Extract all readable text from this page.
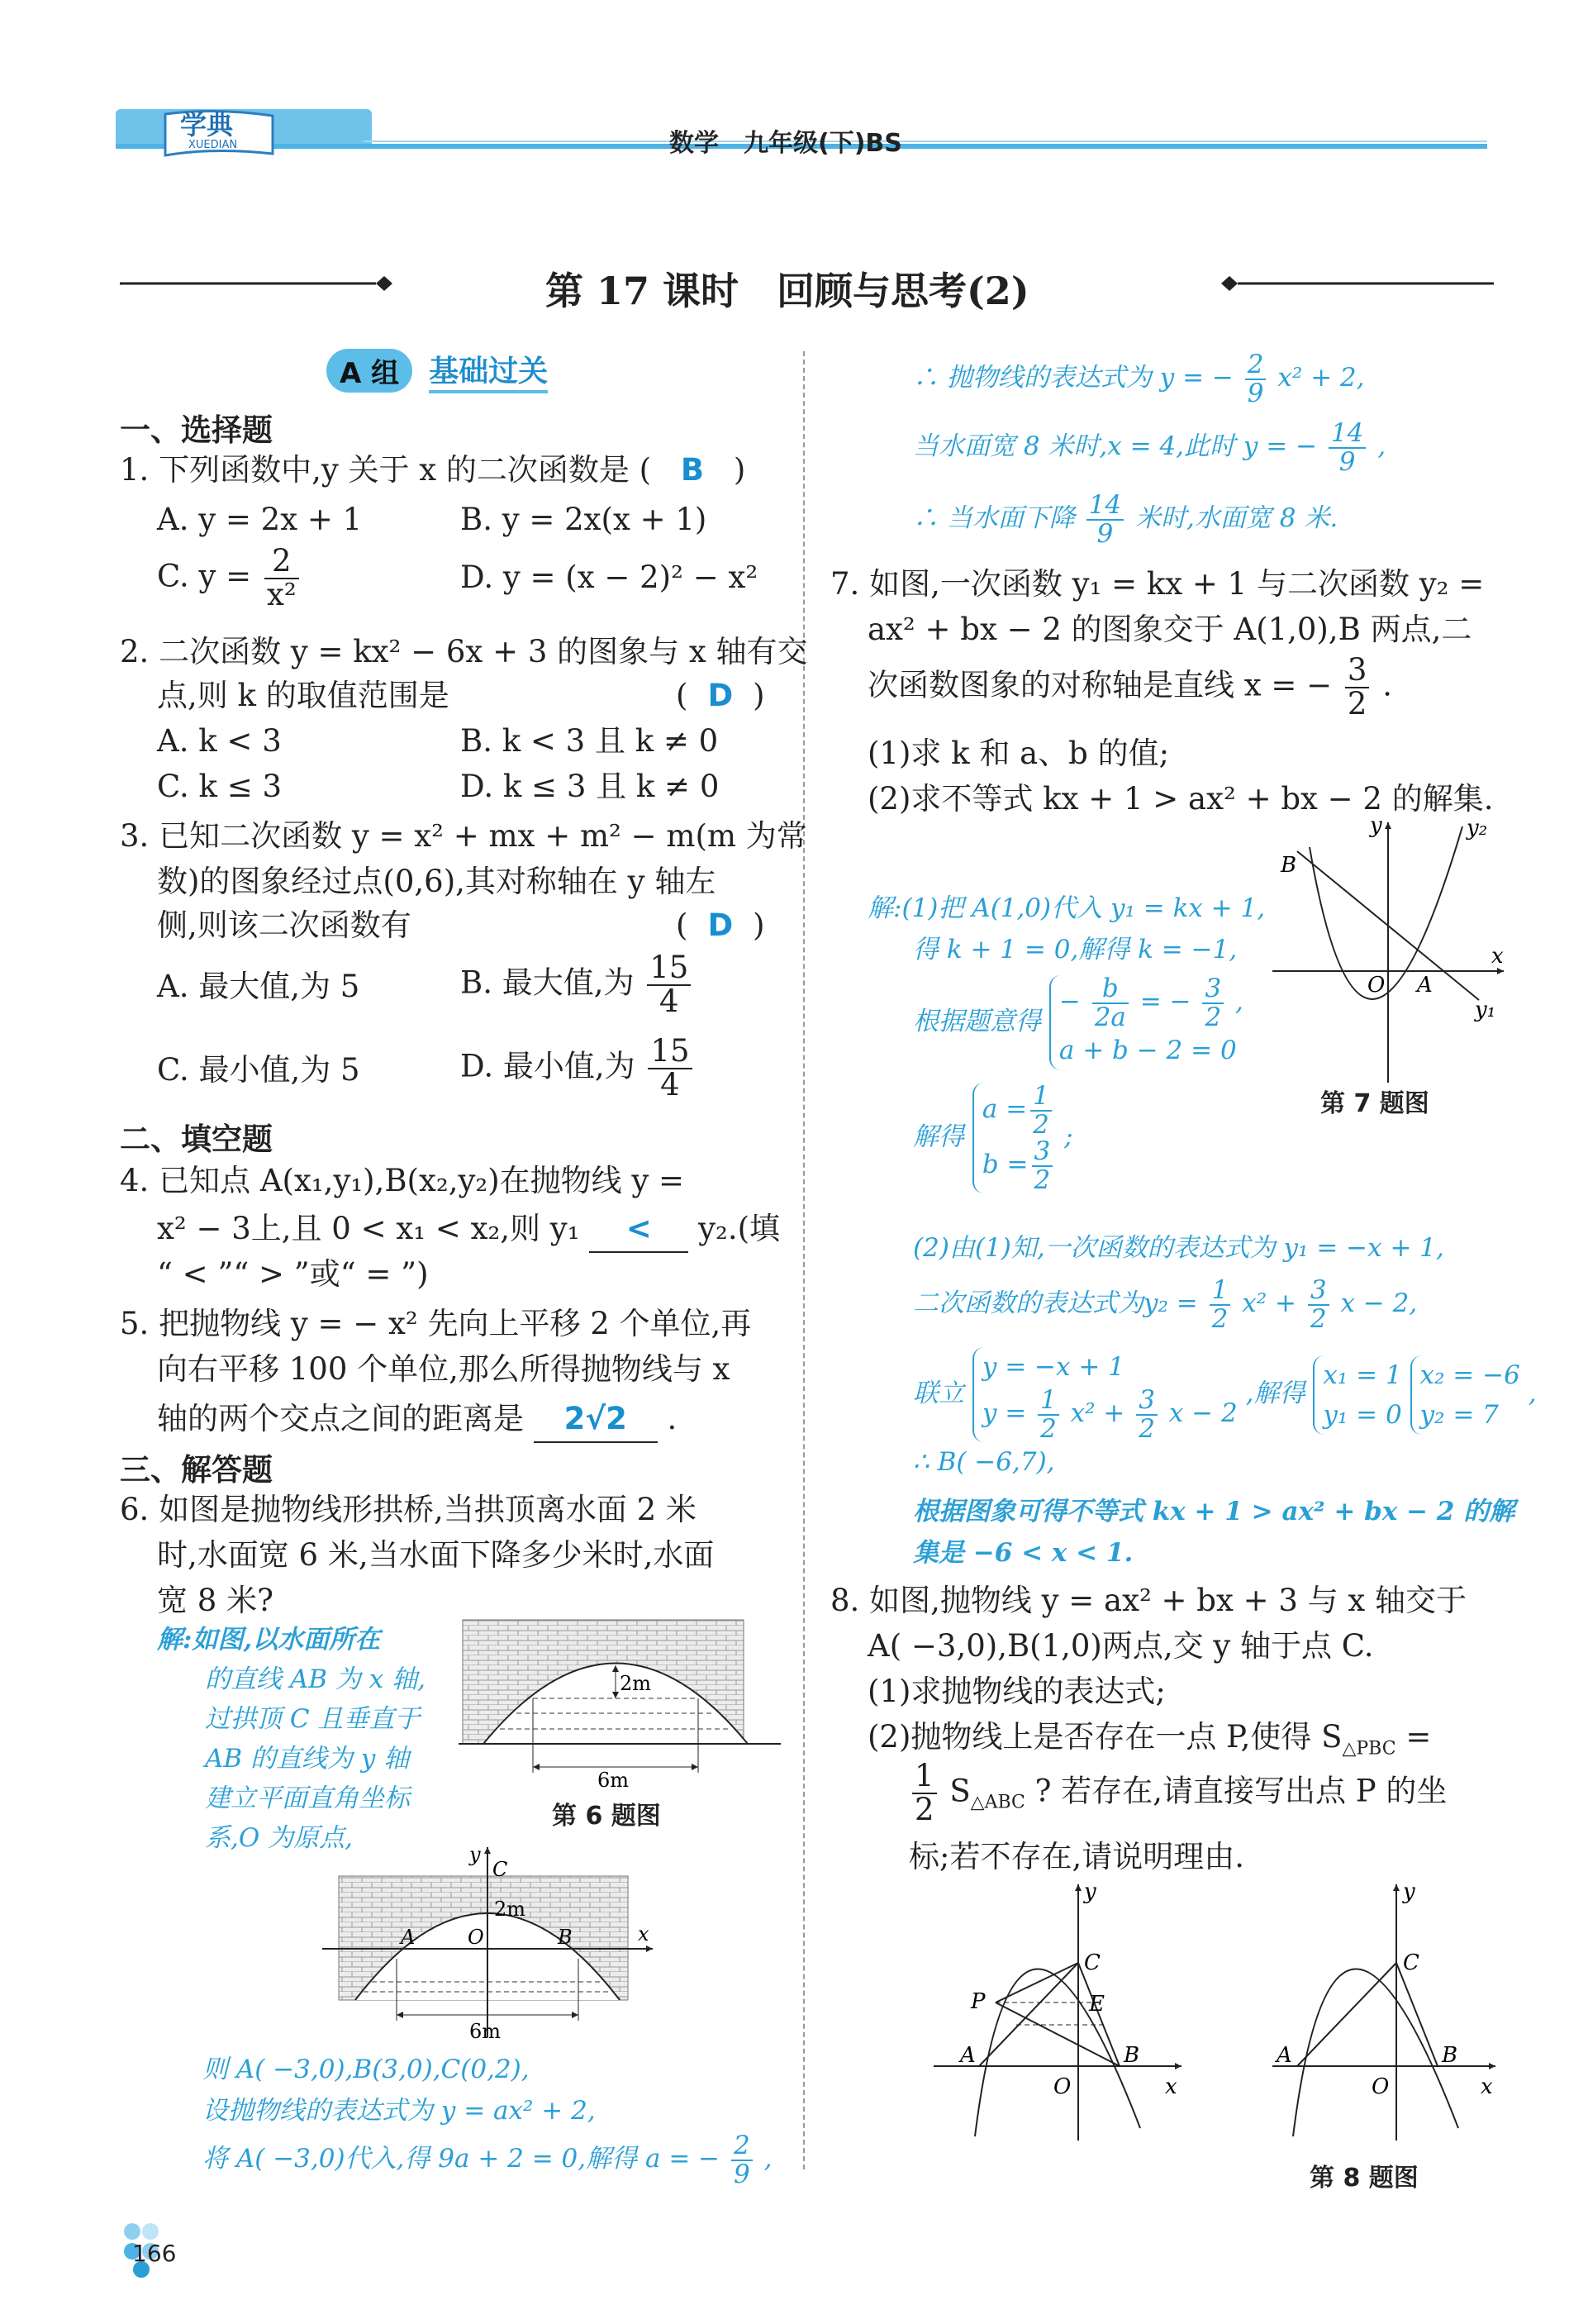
学典
XUEDIAN	数学　九年级(下)BS
第 17 课时　回顾与思考(2)
A 组	基础过关
一、选择题
1. 下列函数中,y 关于 x 的二次函数是 ( B )
A. y = 2x + 1	B. y = 2x(x + 1)
C. $y = \frac{2}{\text{x²}}$	D. y = (x − 2)² − x²
2. 二次函数 y = kx² − 6x + 3 的图象与 x 轴有交
点,则 k 的取值范围是	( D )
A. k < 3	B. k < 3 且 k ≠ 0
C. k ≤ 3	D. k ≤ 3 且 k ≠ 0
3. 已知二次函数 y = x² + mx + m² − m(m 为常
数)的图象经过点(0,6),其对称轴在 y 轴左
侧,则该二次函数有	( D )
A. 最大值,为 5	B. 最大值,为 $\frac{15}{4}$
C. 最小值,为 5	D. 最小值,为 $\frac{15}{4}$
二、填空题
4. 已知点 A(x₁,y₁),B(x₂,y₂)在抛物线 y =
x² − 3上,且 0 < x₁ < x₂,则 y₁ < y₂.(填
“ < ”“ > ”或“ = ”)
5. 把抛物线 y = − x² 先向上平移 2 个单位,再
向右平移 100 个单位,那么所得抛物线与 x
轴的两个交点之间的距离是 2√2 .
三、解答题
6. 如图是抛物线形拱桥,当拱顶离水面 2 米
时,水面宽 6 米,当水面下降多少米时,水面
宽 8 米?
解:如图,以水面所在
的直线 AB 为 x 轴,
过拱顶 C 且垂直于
AB 的直线为 y 轴
建立平面直角坐标
系,O 为原点,
2m
6m
第 6 题图
y
C
2m
O
A	B	x
6m
则 A( −3,0),B(3,0),C(0,2),
设抛物线的表达式为 y = ax² + 2,
将 A( −3,0)代入,得 9a + 2 = 0,解得 a = − $\frac{2}{9}$ ,
∴ 抛物线的表达式为 y = − $\frac{2}{9} x^2 + 2$,
当水面宽 8 米时,x = 4,此时 y = − $\frac{14}{9}$ ,
∴ 当水面下降 $\frac{14}{9}$ 米时,水面宽 8 米.
7. 如图,一次函数 y₁ = kx + 1 与二次函数 y₂ =
ax² + bx − 2 的图象交于 A(1,0),B 两点,二
次函数图象的对称轴是直线 x = − $\frac{3}{2}$ .
(1)求 k 和 a、b 的值;
(2)求不等式 kx + 1 > ax² + bx − 2 的解集.
解:(1)把 A(1,0)代入 y₁ = kx + 1,
得 k + 1 = 0,解得 k = −1,
根据题意得
− $\frac{b}{2a}$ = − $\frac{3}{2}$ ,
a + b − 2 = 0
解得
$a = \frac{1}{2}$
$b = \frac{3}{2}$
;
(2)由(1)知,一次函数的表达式为 y₁ = −x + 1,
二次函数的表达式为$y_2 = \frac{1}{2} x^2 + \frac{3}{2}$ x − 2,
联立
y = −x + 1
$y = \frac{1}{2} x^2 + \frac{3}{2}$ x − 2
,解得
x₁ = 1
y₁ = 0

x₂ = −6
y₂ = 7
,
∴ B( −6,7),
根据图象可得不等式 kx + 1 > ax² + bx − 2 的解
集是 −6 < x < 1.
y	y₂
B
x
O A
y₁
第 7 题图
8. 如图,抛物线 y = ax² + bx + 3 与 x 轴交于
A( −3,0),B(1,0)两点,交 y 轴于点 C.
(1)求抛物线的表达式;
(2)抛物线上是否存在一点 P,使得 $S_{\triangle PBC}$ =
$\frac{1}{2} S_{\triangle ABC}$ ? 若存在,请直接写出点 P 的坐
标;若不存在,请说明理由.
y
C
P	E
A	B
O	x
y
C
A	B
O	x
第 8 题图
166
